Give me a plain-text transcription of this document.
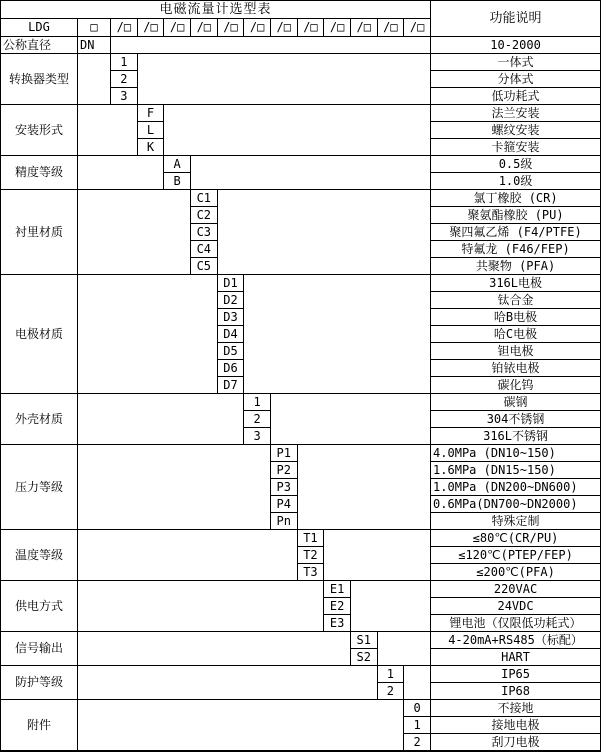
电磁流量计选型表														功能说明
LDG	□	/□	/□	/□	/□	/□	/□	/□	/□	/□	/□	/□	/□	
公称直径	DN													10-2000
转换器类型		1												一体式
		2												分体式
		3												低功耗式
安装形式			F											法兰安装
			L											螺纹安装
			K											卡箍安装
精度等级				A										0.5级
				B										1.0级
衬里材质					C1									氯丁橡胶 (CR)
					C2									聚氨酯橡胶 (PU)
					C3									聚四氟乙烯 (F4/PTFE)
					C4									特氟龙 (F46/FEP)
					C5									共聚物 (PFA)
电极材质						D1								316L电极
						D2								钛合金
						D3								哈B电极
						D4								哈C电极
						D5								钽电极
						D6								铂铱电极
						D7								碳化钨
外壳材质							1							碳钢
							2							304不锈钢
							3							316L不锈钢
压力等级								P1						4.0MPa (DN10~150)
								P2						1.6MPa (DN15~150)
								P3						1.0MPa (DN200~DN600)
								P4						0.6MPa(DN700~DN2000)
								Pn						特殊定制
温度等级									T1					≤80℃(CR/PU)
									T2					≤120℃(PTEP/FEP)
									T3					≤200℃(PFA)
供电方式										E1				220VAC
										E2				24VDC
										E3				锂电池（仅限低功耗式）
信号输出											S1			4-20mA+RS485（标配）
											S2			HART
防护等级												1		IP65
												2		IP68
附件													0	不接地
													1	接地电极
													2	刮刀电极
